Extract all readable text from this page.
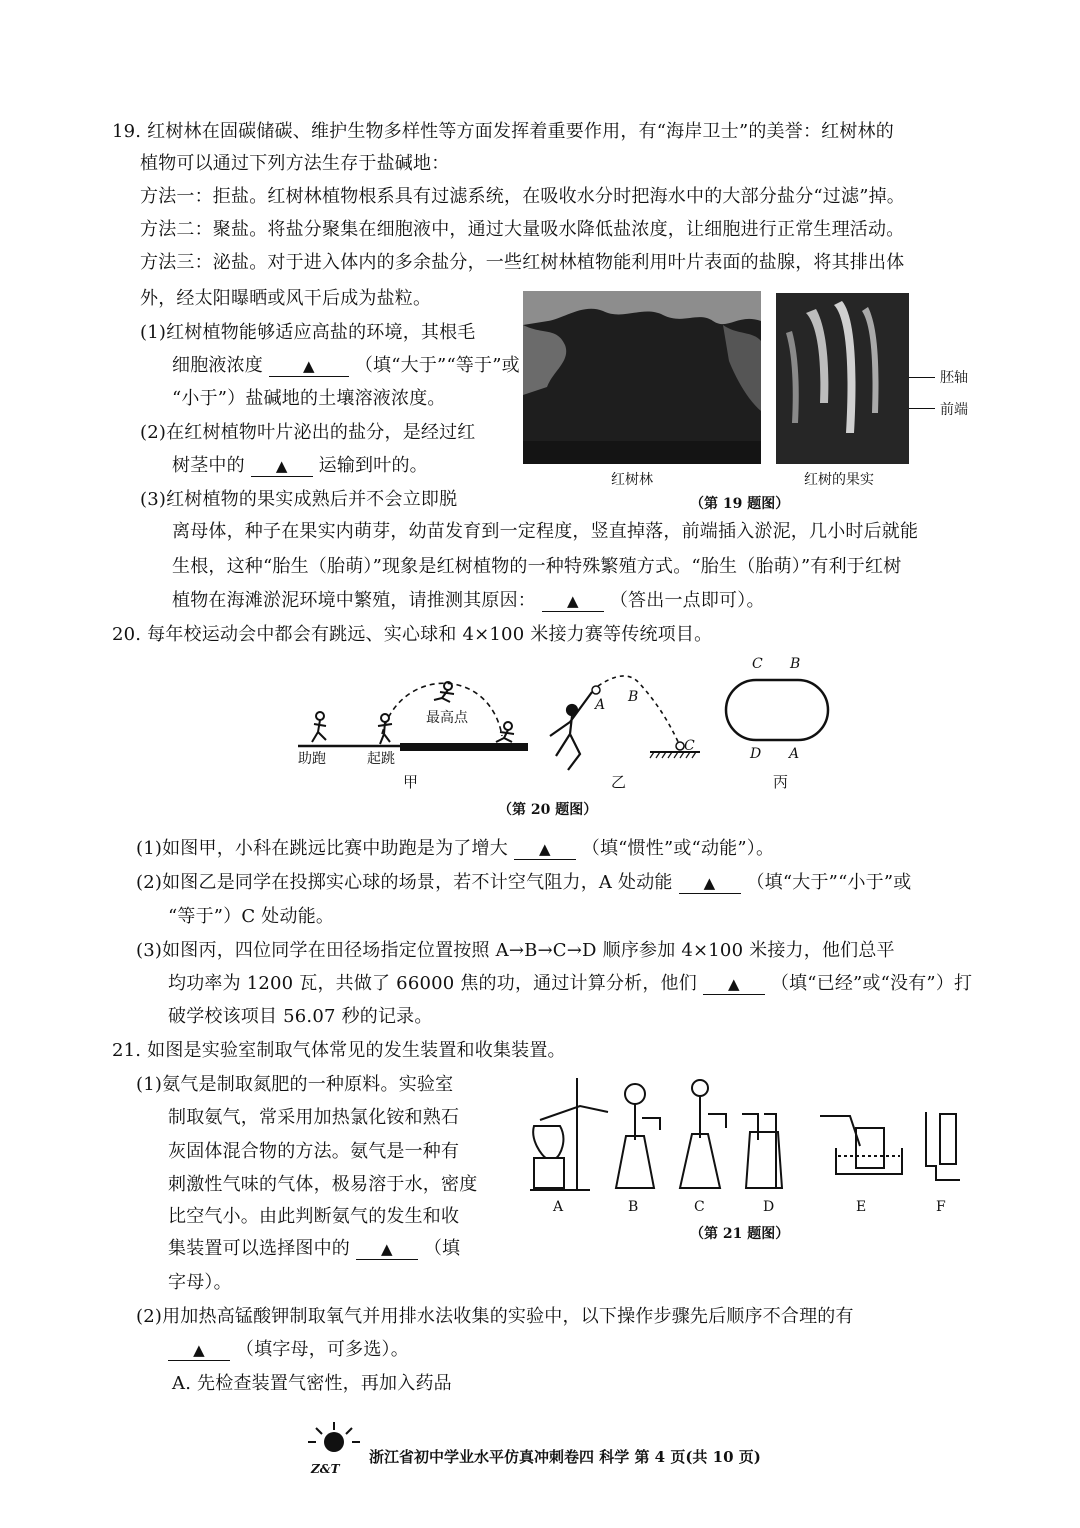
19. 红树林在固碳储碳、维护生物多样性等方面发挥着重要作用，有“海岸卫士”的美誉：红树林的
植物可以通过下列方法生存于盐碱地：
方法一：拒盐。红树林植物根系具有过滤系统，在吸收水分时把海水中的大部分盐分“过滤”掉。
方法二：聚盐。将盐分聚集在细胞液中，通过大量吸水降低盐浓度，让细胞进行正常生理活动。
方法三：泌盐。对于进入体内的多余盐分，一些红树林植物能利用叶片表面的盐腺，将其排出体
外，经太阳曝晒或风干后成为盐粒。
(1)红树植物能够适应高盐的环境，其根毛
细胞液浓度	▲ （填“大于”“等于”或
“小于”）盐碱地的土壤溶液浓度。
(2)在红树植物叶片泌出的盐分，是经过红
树茎中的 ▲ 运输到叶的。
(3)红树植物的果实成熟后并不会立即脱
离母体，种子在果实内萌芽，幼苗发育到一定程度，竖直掉落，前端插入淤泥，几小时后就能
生根，这种“胎生（胎萌）”现象是红树植物的一种特殊繁殖方式。“胎生（胎萌）”有利于红树
植物在海滩淤泥环境中繁殖，请推测其原因： ▲ （答出一点即可）。
胚轴
前端
红树林	红树的果实
（第 19 题图）
20. 每年校运动会中都会有跳远、实心球和 4×100 米接力赛等传统项目。
助跑	起跳
最高点
甲
A B
C
乙
C B
D A
丙
（第 20 题图）
(1)如图甲，小科在跳远比赛中助跑是为了增大 ▲ （填“惯性”或“动能”）。
(2)如图乙是同学在投掷实心球的场景，若不计空气阻力，A 处动能 ▲ （填“大于”“小于”或
“等于”）C 处动能。
(3)如图丙，四位同学在田径场指定位置按照 A→B→C→D 顺序参加 4×100 米接力，他们总平
均功率为 1200 瓦，共做了 66000 焦的功，通过计算分析，他们 ▲ （填“已经”或“没有”）打
破学校该项目 56.07 秒的记录。
21. 如图是实验室制取气体常见的发生装置和收集装置。
(1)氨气是制取氮肥的一种原料。实验室
制取氨气，常采用加热氯化铵和熟石
灰固体混合物的方法。氨气是一种有
刺激性气味的气体，极易溶于水，密度
比空气小。由此判断氨气的发生和收
集装置可以选择图中的 ▲ （填
字母）。
A	B	C	D	E	F
（第 21 题图）
(2)用加热高锰酸钾制取氧气并用排水法收集的实验中，以下操作步骤先后顺序不合理的有
▲ （填字母，可多选）。
A. 先检查装置气密性，再加入药品
Z&T
浙江省初中学业水平仿真冲刺卷四 科学 第 4 页(共 10 页)
